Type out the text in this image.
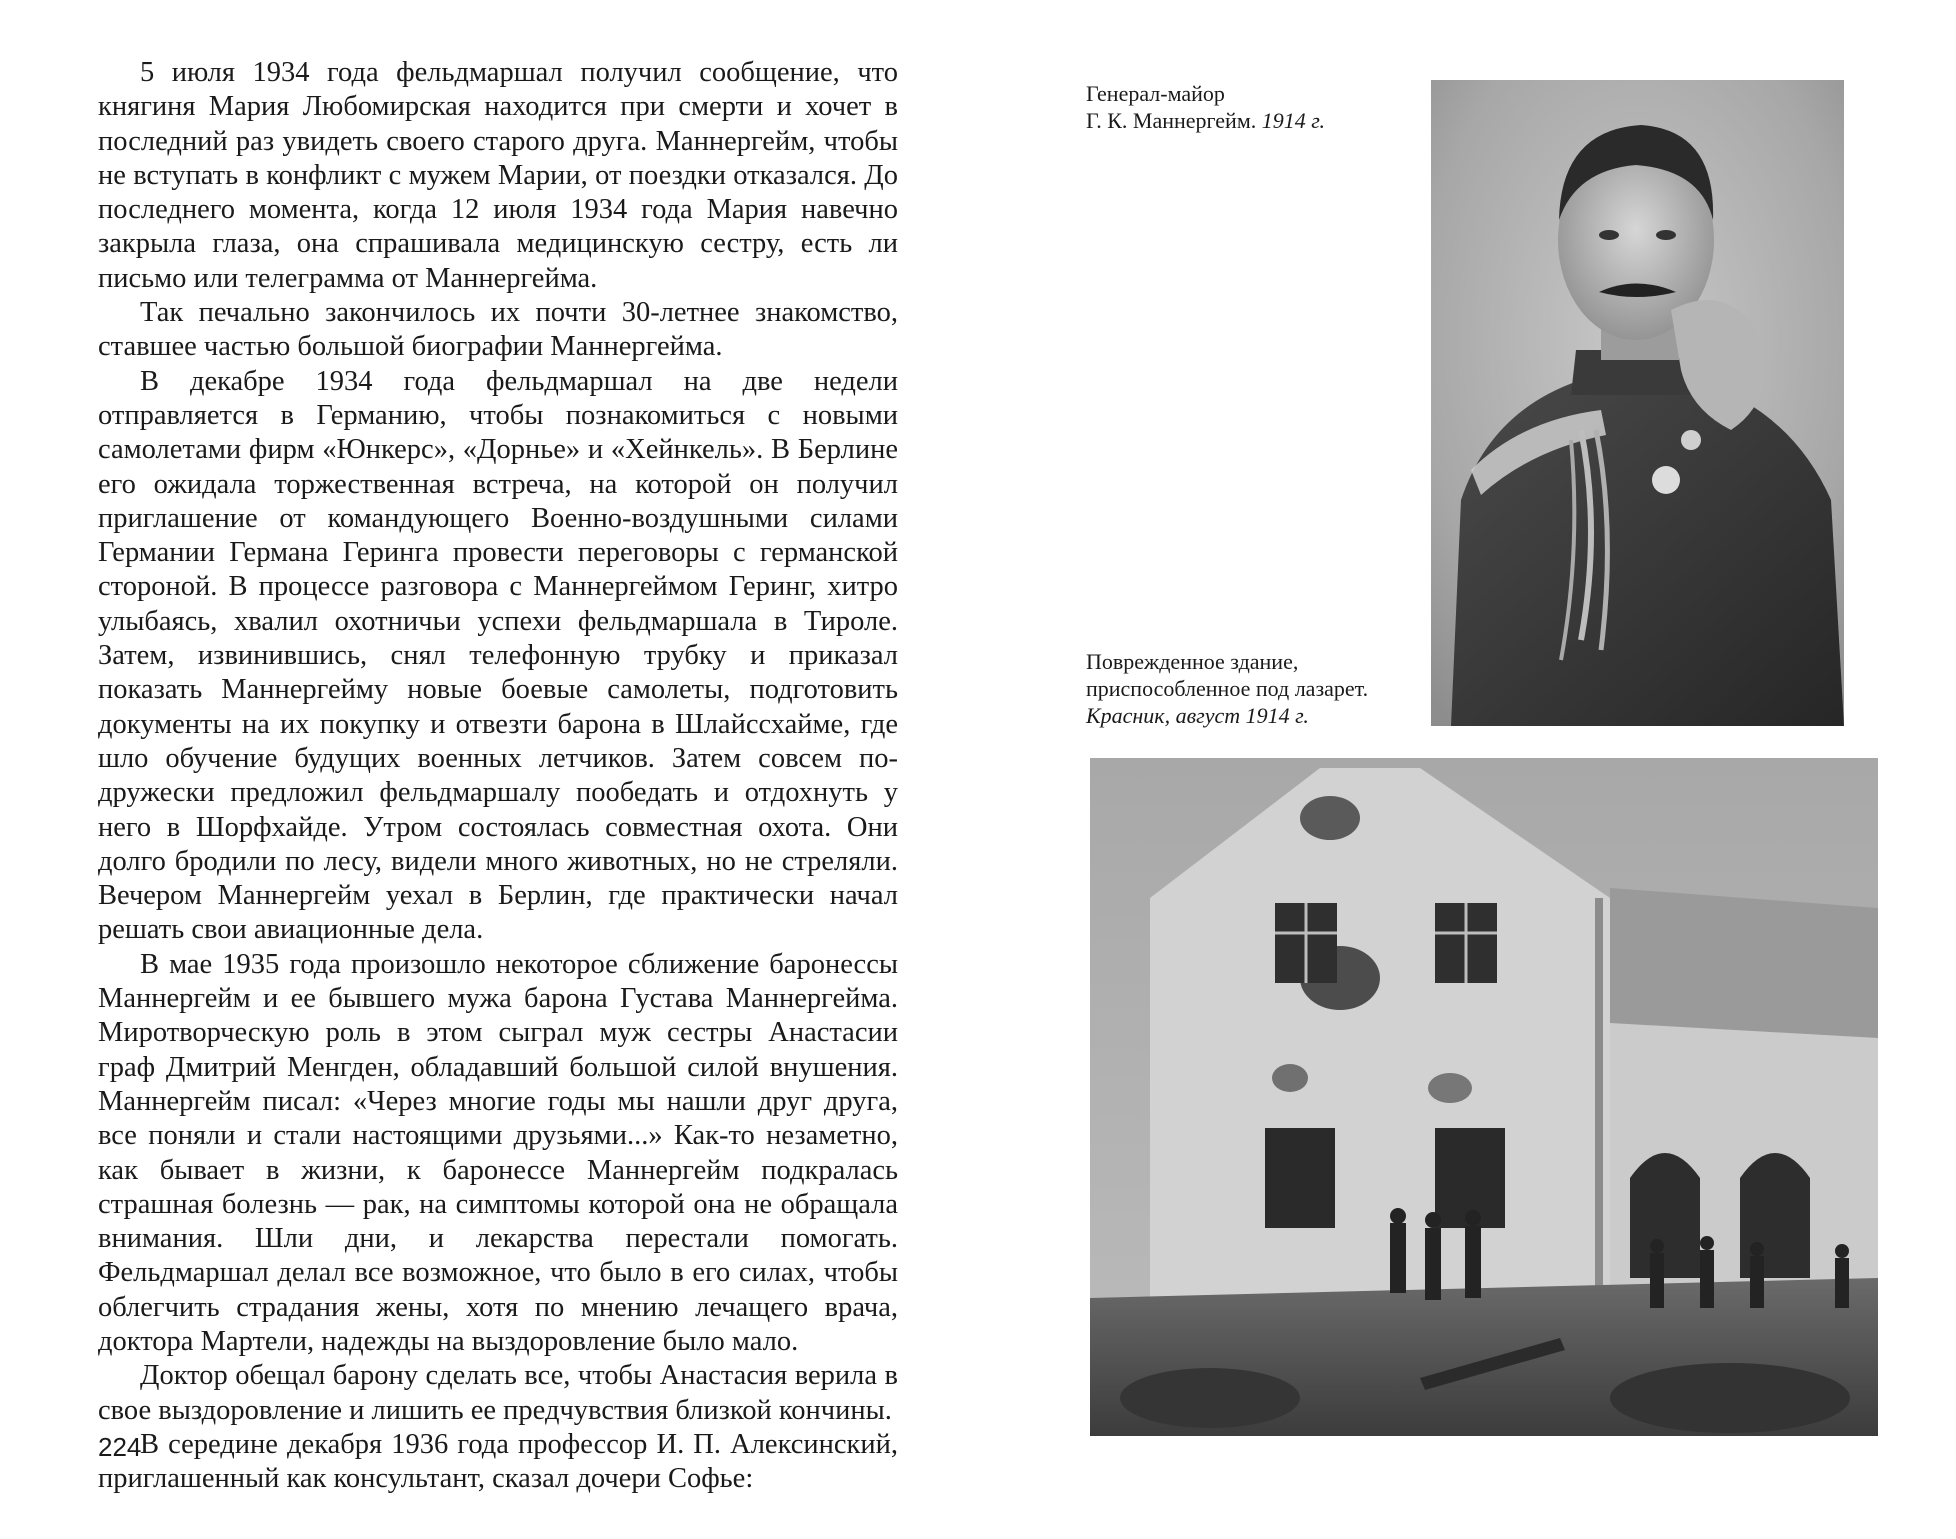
5 июля 1934 года фельдмаршал получил сообщение, что княгиня Мария Любомирская находится при смерти и хочет в последний раз увидеть своего старого друга. Маннергейм, чтобы не вступать в конфликт с мужем Марии, от поездки отказался. До последнего момента, когда 12 июля 1934 года Мария навечно закрыла глаза, она спрашивала медицинскую сестру, есть ли письмо или телеграмма от Маннергейма.

Так печально закончилось их почти 30-летнее знакомство, ставшее частью большой биографии Маннергейма.

В декабре 1934 года фельдмаршал на две недели отправляется в Германию, чтобы познакомиться с новыми самолетами фирм «Юнкерс», «Дорнье» и «Хейнкель». В Берлине его ожидала торжественная встреча, на которой он получил приглашение от командующего Военно-воздушными силами Германии Германа Геринга провести переговоры с германской стороной. В процессе разговора с Маннергеймом Геринг, хитро улыбаясь, хвалил охотничьи успехи фельдмаршала в Тироле. Затем, извинившись, снял телефонную трубку и приказал показать Маннергейму новые боевые самолеты, подготовить документы на их покупку и отвезти барона в Шлайссхайме, где шло обучение будущих военных летчиков. Затем совсем по-дружески предложил фельдмаршалу пообедать и отдохнуть у него в Шорфхайде. Утром состоялась совместная охота. Они долго бродили по лесу, видели много животных, но не стреляли. Вечером Маннергейм уехал в Берлин, где практически начал решать свои авиационные дела.

В мае 1935 года произошло некоторое сближение баронессы Маннергейм и ее бывшего мужа барона Густава Маннергейма. Миротворческую роль в этом сыграл муж сестры Анастасии граф Дмитрий Менгден, обладавший большой силой внушения. Маннергейм писал: «Через многие годы мы нашли друг друга, все поняли и стали настоящими друзьями...» Как-то незаметно, как бывает в жизни, к баронессе Маннергейм подкралась страшная болезнь — рак, на симптомы которой она не обращала внимания. Шли дни, и лекарства перестали помогать. Фельдмаршал делал все возможное, что было в его силах, чтобы облегчить страдания жены, хотя по мнению лечащего врача, доктора Мартели, надежды на выздоровление было мало.

Доктор обещал барону сделать все, чтобы Анастасия верила в свое выздоровление и лишить ее предчувствия близкой кончины.

В середине декабря 1936 года профессор И. П. Алексинский, приглашенный как консультант, сказал дочери Софье:

224
Генерал-майор
Г. К. Маннергейм. 1914 г.
Поврежденное здание,
приспособленное под лазарет.
Красник, август 1914 г.
